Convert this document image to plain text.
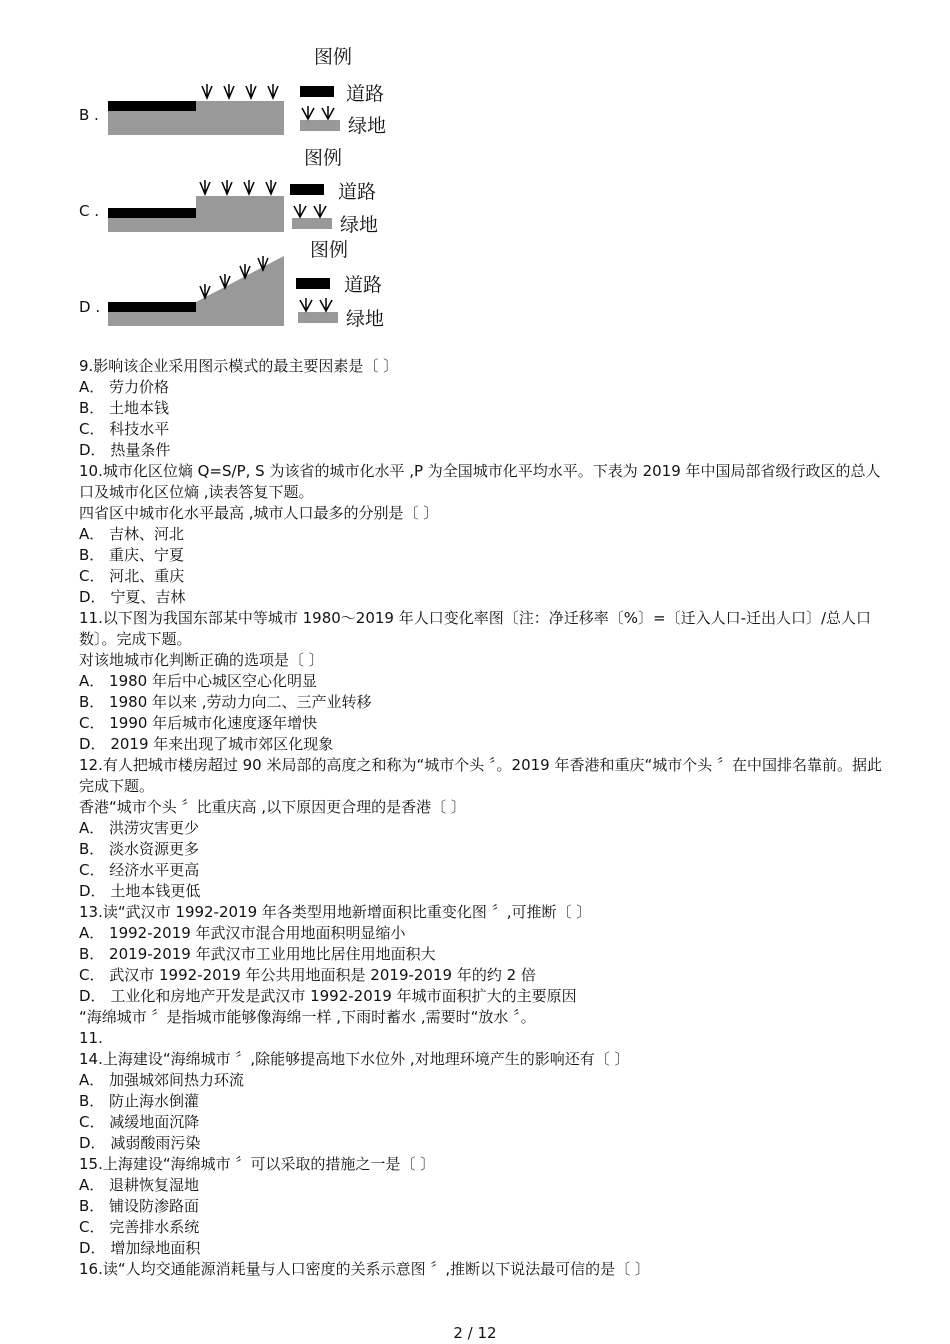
B .
图例
道路
绿地
C .
图例
道路
绿地
D .
图例
道路
绿地
9.影响该企业采用图示模式的最主要因素是〔 〕
A． 劳力价格
B． 土地本钱
C． 科技水平
D． 热量条件
10.城市化区位熵 Q=S/P, S 为该省的城市化水平 ,P 为全国城市化平均水平。下表为 2019 年中国局部省级行政区的总人口及城市化区位熵 ,读表答复下题。
四省区中城市化水平最高 ,城市人口最多的分别是〔 〕
A． 吉林、河北
B． 重庆、宁夏
C． 河北、重庆
D． 宁夏、吉林
11.以下图为我国东部某中等城市 1980～2019 年人口变化率图〔注：净迁移率〔%〕=〔迁入人口-迁出人口〕/总人口数〕。完成下题。
对该地城市化判断正确的选项是〔 〕
A． 1980 年后中心城区空心化明显
B． 1980 年以来 ,劳动力向二、三产业转移
C． 1990 年后城市化速度逐年增快
D． 2019 年来出现了城市郊区化现象
12.有人把城市楼房超过 90 米局部的高度之和称为“城市个头 〞。2019 年香港和重庆“城市个头 〞在中国排名靠前。据此完成下题。
香港“城市个头 〞比重庆高 ,以下原因更合理的是香港〔 〕
A． 洪涝灾害更少
B． 淡水资源更多
C． 经济水平更高
D． 土地本钱更低
13.读“武汉市 1992-2019 年各类型用地新增面积比重变化图 〞,可推断〔 〕
A． 1992-2019 年武汉市混合用地面积明显缩小
B． 2019-2019 年武汉市工业用地比居住用地面积大
C． 武汉市 1992-2019 年公共用地面积是 2019-2019 年的约 2 倍
D． 工业化和房地产开发是武汉市 1992-2019 年城市面积扩大的主要原因
“海绵城市 〞是指城市能够像海绵一样 ,下雨时蓄水 ,需要时“放水 〞。
11.
14.上海建设“海绵城市 〞,除能够提高地下水位外 ,对地理环境产生的影响还有〔 〕
A． 加强城郊间热力环流
B． 防止海水倒灌
C． 减缓地面沉降
D． 减弱酸雨污染
15.上海建设“海绵城市 〞可以采取的措施之一是〔 〕
A． 退耕恢复湿地
B． 铺设防渗路面
C． 完善排水系统
D． 增加绿地面积
16.读“人均交通能源消耗量与人口密度的关系示意图 〞,推断以下说法最可信的是〔 〕
2 / 12
